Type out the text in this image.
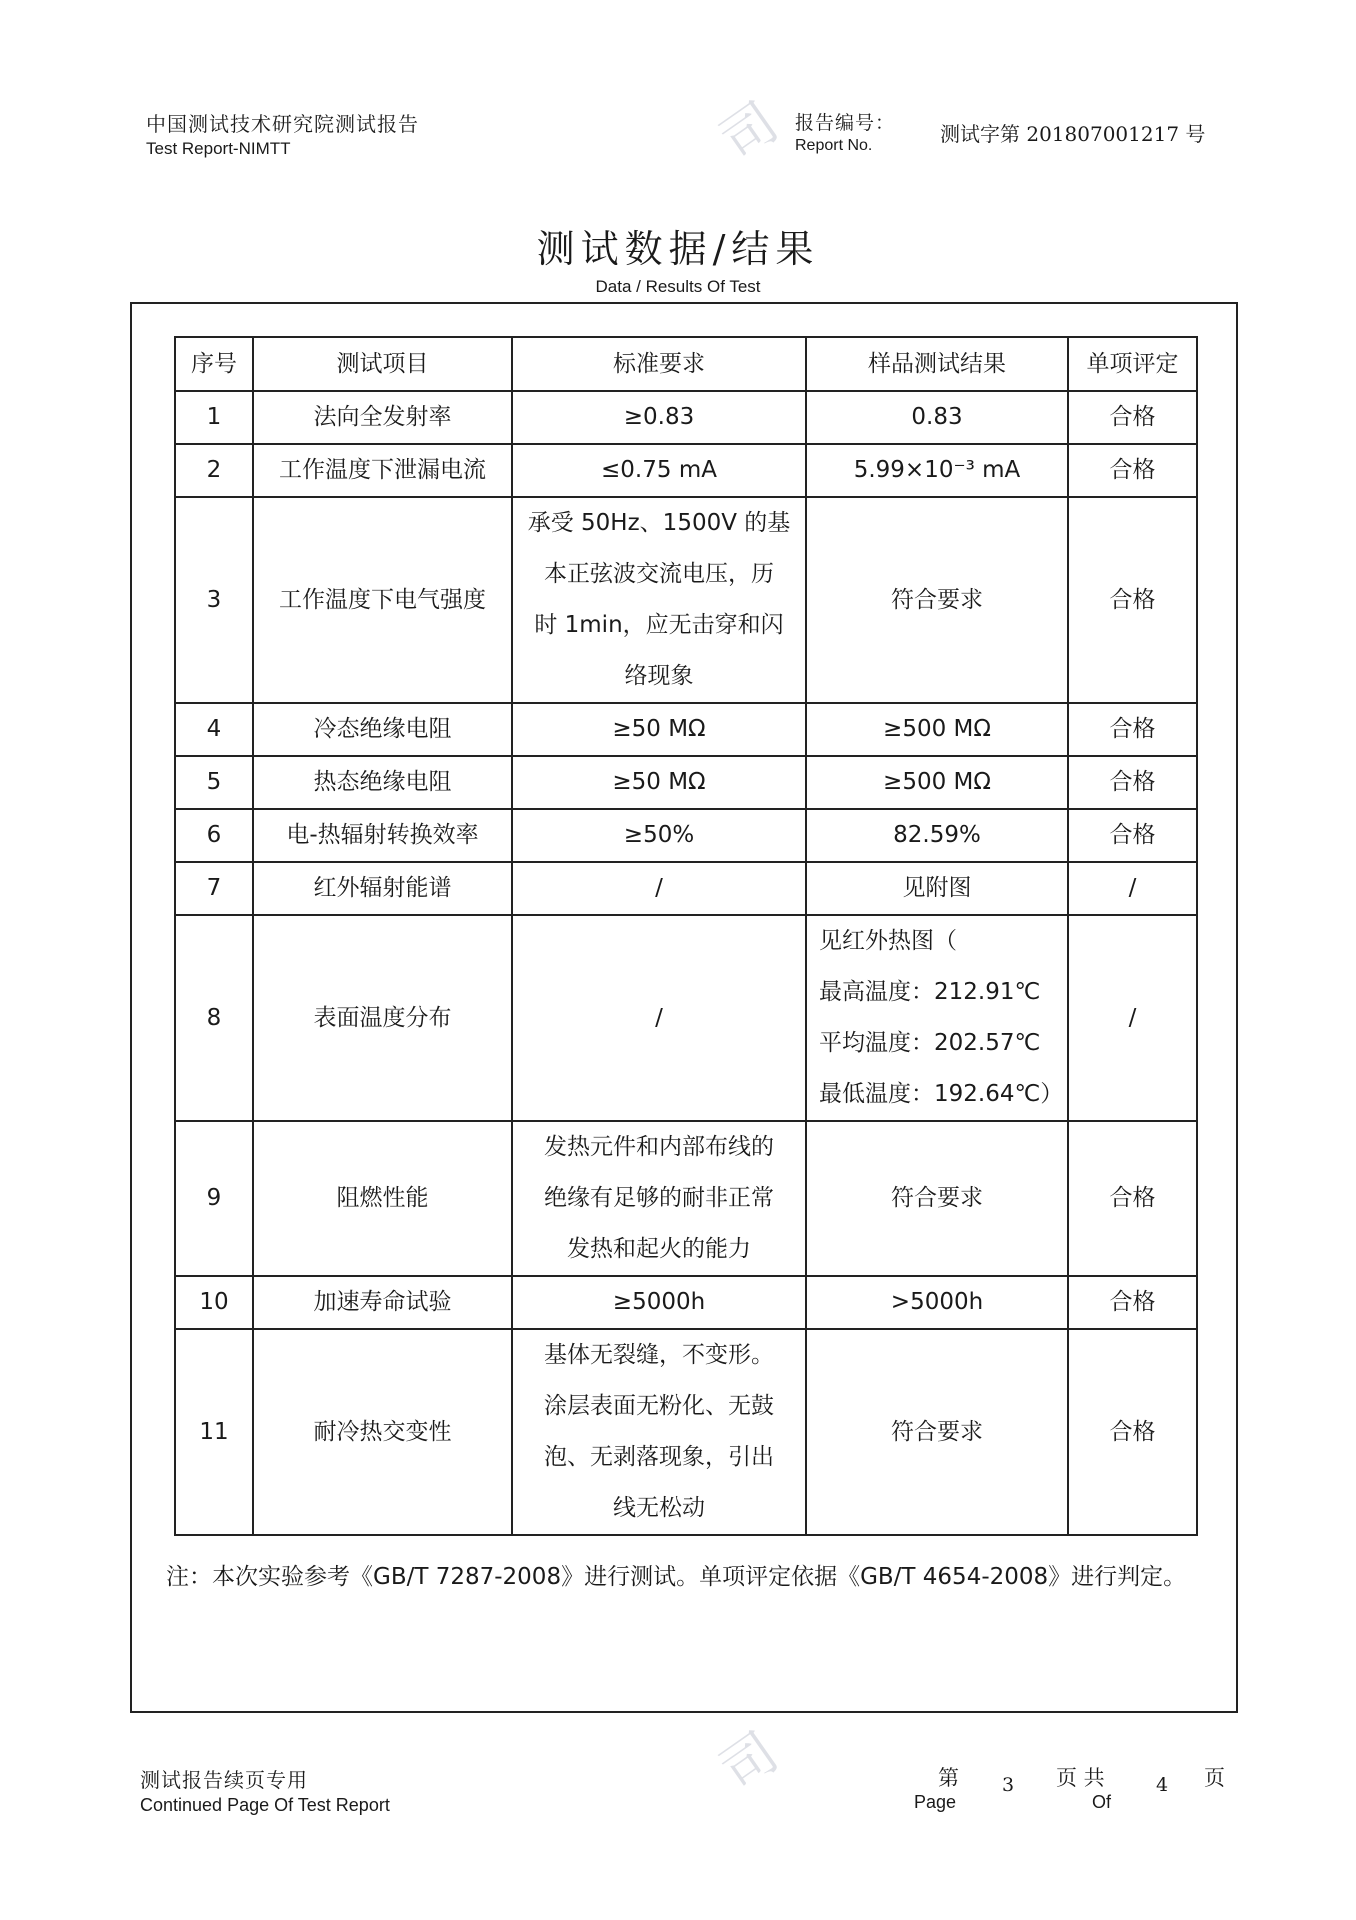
中国测试技术研究院测试报告
Test Report-NIMTT
报告编号：
Report No.	测试字第 201807001217 号
司
测试数据/结果
Data / Results Of Test
序号	测试项目	标准要求	样品测试结果	单项评定
1	法向全发射率	≥0.83	0.83	合格
2	工作温度下泄漏电流	≤0.75 mA	5.99×10⁻³ mA	合格
3	工作温度下电气强度	承受 50Hz、1500V 的基
本正弦波交流电压，历
时 1min，应无击穿和闪
络现象	符合要求	合格
4	冷态绝缘电阻	≥50 MΩ	≥500 MΩ	合格
5	热态绝缘电阻	≥50 MΩ	≥500 MΩ	合格
6	电-热辐射转换效率	≥50%	82.59%	合格
7	红外辐射能谱	/	见附图	/
8	表面温度分布	/	见红外热图（
最高温度：212.91℃
平均温度：202.57℃
最低温度：192.64℃）	/
9	阻燃性能	发热元件和内部布线的
绝缘有足够的耐非正常
发热和起火的能力	符合要求	合格
10	加速寿命试验	≥5000h	>5000h	合格
11	耐冷热交变性	基体无裂缝，不变形。
涂层表面无粉化、无鼓
泡、无剥落现象，引出
线无松动	符合要求	合格
注：本次实验参考《GB/T 7287-2008》进行测试。单项评定依据《GB/T 4654-2008》进行判定。
测试报告续页专用
Continued Page Of Test Report
第
Page
3 页 共
Of
4 页
司
